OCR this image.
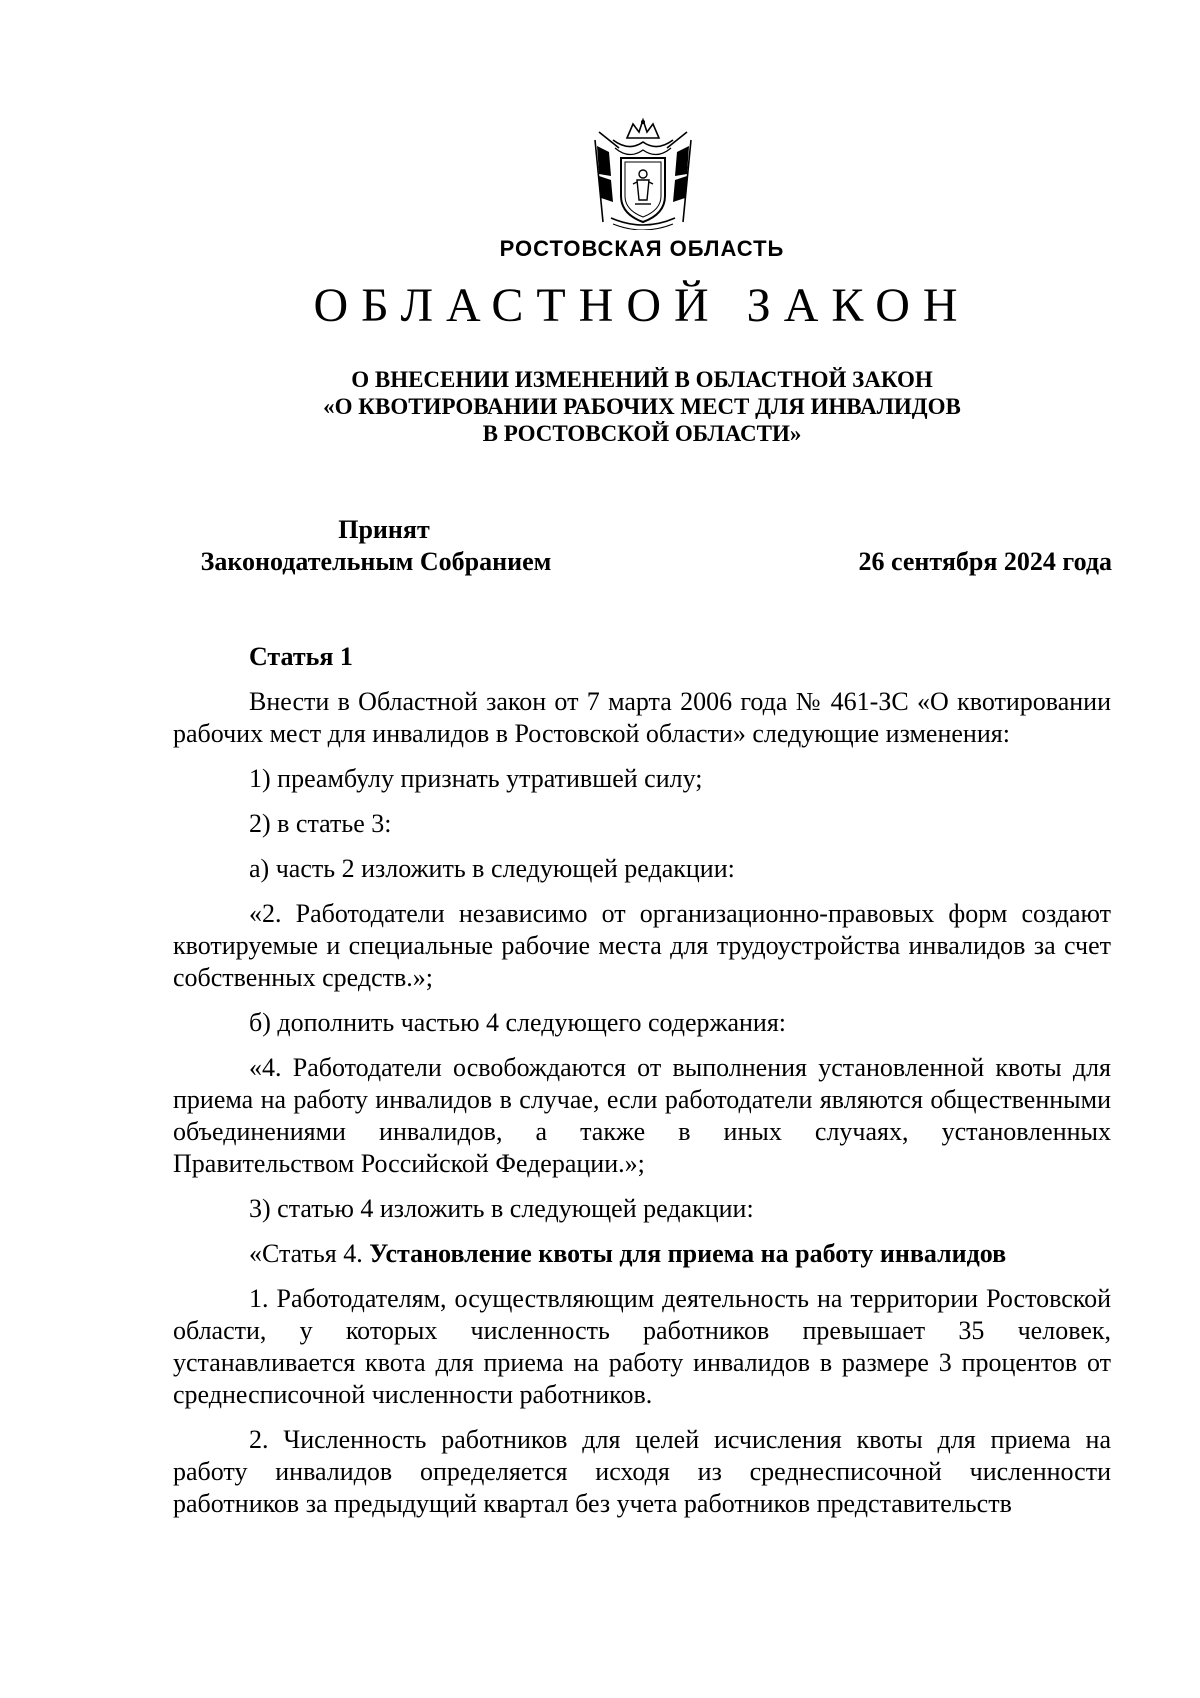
РОСТОВСКАЯ ОБЛАСТЬ
ОБЛАСТНОЙ ЗАКОН
О ВНЕСЕНИИ ИЗМЕНЕНИЙ В ОБЛАСТНОЙ ЗАКОН
«О КВОТИРОВАНИИ РАБОЧИХ МЕСТ ДЛЯ ИНВАЛИДОВ
В РОСТОВСКОЙ ОБЛАСТИ»
Принят
Законодательным Собранием	26 сентября 2024 года

Статья 1

Внести в Областной закон от 7 марта 2006 года № 461-ЗС «О квотировании рабочих мест для инвалидов в Ростовской области» следующие изменения:

1) преамбулу признать утратившей силу;

2) в статье 3:

а) часть 2 изложить в следующей редакции:

«2. Работодатели независимо от организационно-правовых форм создают квотируемые и специальные рабочие места для трудоустройства инвалидов за счет собственных средств.»;

б) дополнить частью 4 следующего содержания:

«4. Работодатели освобождаются от выполнения установленной квоты для приема на работу инвалидов в случае, если работодатели являются общественными объединениями инвалидов, а также в иных случаях, установленных Правительством Российской Федерации.»;

3) статью 4 изложить в следующей редакции:

«Статья 4. Установление квоты для приема на работу инвалидов

1. Работодателям, осуществляющим деятельность на территории Ростовской области, у которых численность работников превышает 35 человек, устанавливается квота для приема на работу инвалидов в размере 3 процентов от среднесписочной численности работников.

2. Численность работников для целей исчисления квоты для приема на работу инвалидов определяется исходя из среднесписочной численности работников за предыдущий квартал без учета работников представительств
